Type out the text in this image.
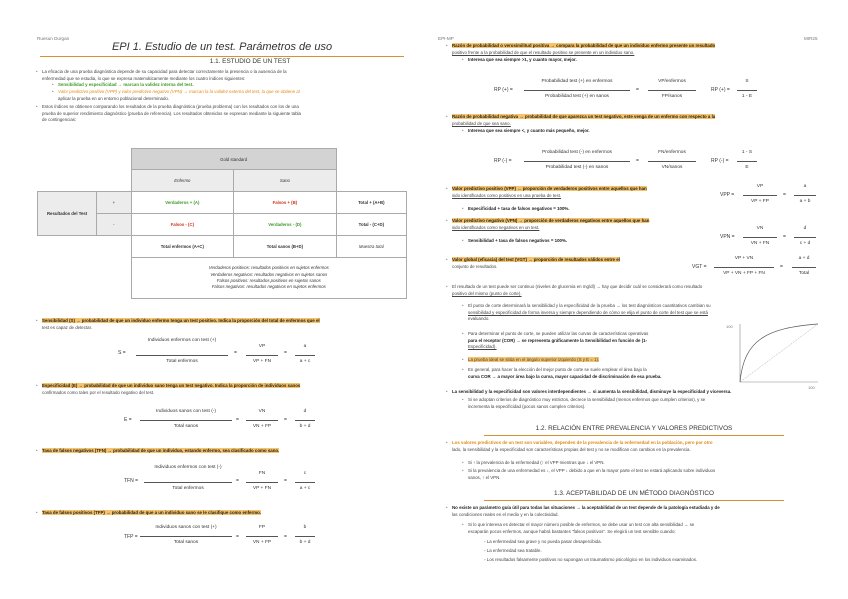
Ruesun Durgan
EPI 1. Estudio de un test. Parámetros de uso
1.1. ESTUDIO DE UN TEST
• La eficacia de una prueba diagnóstica depende de su capacidad para detectar correctamente la presencia o la ausencia de la
enfermedad que se estudia, lo que se expresa matemáticamente mediante los cuatro índices siguientes:
• Sensibilidad y especificidad → marcan la validez interna del test.
• Valor predictivo positivo (VPP) y valor predictivo negativo (VPN) → marcan la la validez externa del test, la que se obtiene al
aplicar la prueba en un entorno poblacional determinado.
• Estos índices se obtienen comparando los resultados de la prueba diagnóstica (prueba problema) con los resultados con los de una
prueba de superior rendimiento diagnóstico (prueba de referencia). Los resultados obtenidos se expresan mediante la siguiente tabla
de contingencias:
		Gold standard		
		Enfermo	Sano	
Resultados del Test	+	Verdaderos + (A)	Falsos + (B)	Total + (A+B)
	-	Falsos - (C)	Verdaderos - (D)	Total - (C+D)
		Total enfermos (A+C)	Total sanos (B+D)	Muestra total
		Verdaderos positivos: resultados positivos en sujetos enfermos
Verdaderos negativos: resultados negativos en sujetos sanos
Falsos positivos: resultados positivos en sujetos sanos
Falsos negativos: resultados negativos en sujetos enfermos		
• Sensibilidad (S) → probabilidad de que un individuo enfermo tenga un test positivo. Indica la proporción del total de enfermos que el
test es capaz de detectar.
S =
Individuos enfermos con test (+)
Total enfermos
=
VP
VP + FN
=
a
a + c
• Especificidad (E) → probabilidad de que un individuo sano tenga un test negativo. Indica la proporción de individuos sanos
confirmados como tales por el resultado negativo del test.
E =
Individuos sanos con test (-)
Total sanos
=
VN
VN + FP
=
d
b + d
• Tasa de falsos negativos (TFN) → probabilidad de que un individuo, estando enfermo, sea clasificado como sano.
TFN =
Individuos enfermos con test (-)
Total enfermos
=
FN
VP + FN
=
c
a + c
• Tasa de falsos positivos (TFP) → probabilidad de que a un individuo sano se le clasifique como enfermo.
TFP =
Individuos sanos con test (+)
Total sanos
=
FP
VN + FP
=
b
b + d
EPI-MP	MIR25
• Razón de probabilidad o verosimilitud positiva → compara la probabilidad de que un individuo enfermo presente un resultado
positivo frente a la probabilidad de que el resultado positivo se presente en un individuo sano.
• Interesa que sea siempre >1, y cuanto mayor, mejor.
RP (+) =
Probabilidad test (+) en enfermos
Probabilidad test (+) en sanos
=
VP/enfermos
FP/sanos
RP (+) =
S
1 - E
• Razón de probabilidad negativa → probabilidad de que aparezca un test negativo, este venga de un enfermo con respecto a la
probabilidad de que sea sano.
• Interesa que sea siempre <, y cuanto más pequeño, mejor.
RP (-) =
Probabilidad test (-) en enfermos
Probabilidad test (-) en sanos
=
FN/enfermos
VN/sanos
RP (-) =
1 - S
E
• Valor predictivo positivo (VPP) → proporción de verdaderos positivos entre aquellos que han
sido identificados como positivos en una prueba de test.
• Especificidad + tasa de falsos negativos = 100%.
VPP =
VP
VP + FP
=
a
a + b
• Valor predictivo negativo (VPN) → proporción de verdaderos negativos entre aquellos que han
sido identificados como negativos en un test.
• Sensibilidad + tasa de falsos negativos = 100%.
VPN =
VN
VN + FN
=
d
c + d
• Valor global (eficacia) del test (VGT) → proporción de resultados válidos entre el
conjunto de resultados.	VGT =
VP + VN
VP + VN + FP + FN
=
a + d
Total
• El resultado de un test puede ser continuo (niveles de glucemia en mg/dl) → hay que decidir cuál se considerará como resultado
positivo del mismo (punto de corte).
• El punto de corte determinará la sensibilidad y la especificidad de la prueba → los test diagnósticos cuantitativos cambian su
sensibilidad y especificidad de forma inversa y siempre dependiendo de cómo se elija el punto de corte del test que se está
evaluando.
• Para determinar el punto de corte, se pueden utilizar las curvas de características operativas
para el receptor (COR) → se representa gráficamente la Sensibilidad en función de (1-
Especificidad).
• La prueba ideal se sitúa en el ángulo superior izquierdo (S y E = 1).
• En general, para hacer la elección del mejor punto de corte se suele emplear el área bajo la
curva COR → a mayor área bajo la curva, mayor capacidad de discriminación de esa prueba.
100
100
• La sensibilidad y la especificidad son valores interdependientes → si aumenta la sensibilidad, disminuye la especificidad y viceversa.
• Si se adoptan criterios de diagnóstico muy estrictos, decrece la sensibilidad (menos enfermos que cumplen criterios), y se
incrementa la especificidad (pocos sanos cumplen criterios).
1.2. RELACIÓN ENTRE PREVALENCIA Y VALORES PREDICTIVOS
• Los valores predictivos de un test son variables, dependen de la prevalencia de la enfermedad en la población, pero por otro
lado, la sensibilidad y la especificidad son características propias del test y no se modifican con cambios en la prevalencia.
• Si ↑ la prevalencia de la enfermedad (↑ el VPP mientras que ↓ el VPN.
• Si la prevalencia de una enfermedad es ↓, el VPP ↓ debido a que en la mayor parte el test se estará aplicando sobre individuos
sanos, ↑ el VPN.
1.3. ACEPTABILIDAD DE UN MÉTODO DIAGNÓSTICO
• No existe un parámetro guía útil para todas las situaciones → la aceptabilidad de un test depende de la patología estudiada y de
las condiciones reales en el medio y en la colectividad.
• Si lo que interesa es detectar el mayor número posible de enfermos, se debe usar un test con alta sensibilidad → se
escaparán pocos enfermos, aunque habrá bastantes "falsos positivos". Se elegirá un test sensible cuando:
◦ La enfermedad sea grave y no pueda pasar desapercibida.
◦ La enfermedad sea tratable.
◦ Los resultados falsamente positivos no supongan un traumatismo psicológico en los individuos examinados.
